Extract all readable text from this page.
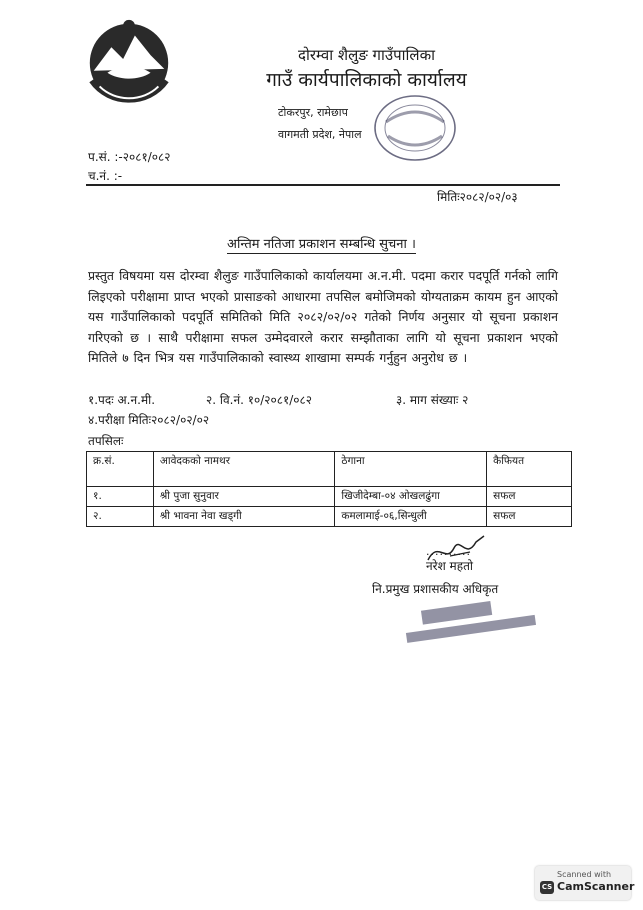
दोरम्वा शैलुङ गाउँपालिका
गाउँ कार्यपालिकाको कार्यालय
टोकरपुर, रामेछाप
वागमती प्रदेश, नेपाल
प.सं. :-२०८१/०८२
च.नं. :-
मितिः२०८२/०२/०३
अन्तिम नतिजा प्रकाशन सम्बन्धि सुचना ।
प्रस्तुत विषयमा यस दोरम्वा शैलुङ गाउँपालिकाको कार्यालयमा अ.न.मी. पदमा करार पदपूर्ति गर्नको लागि लिइएको परीक्षामा प्राप्त भएको प्रासाङको आधारमा तपसिल बमोजिमको योग्यताक्रम कायम हुन आएको यस गाउँपालिकाको पदपूर्ति समितिको मिति २०८२/०२/०२ गतेको निर्णय अनुसार यो सूचना प्रकाशन गरिएको छ । साथै परीक्षामा सफल उम्मेदवारले करार सम्झौताका लागि यो सूचना प्रकाशन भएको मितिले ७ दिन भित्र यस गाउँपालिकाको स्वास्थ्य शाखामा सम्पर्क गर्नुहुन अनुरोध छ ।
१.पदः अ.न.मी.	२. वि.नं. १०/२०८१/०८२	३. माग संख्याः २
४.परीक्षा मितिः२०८२/०२/०२
तपसिलः
क्र.सं.	आवेदकको नामथर	ठेगाना	कैफियत
१.	श्री पुजा सुनुवार	खिजीदेम्बा-०४ ओखलढुंगा	सफल
२.	श्री भावना नेवा खड्गी	कमलामाई-०६,सिन्धुली	सफल
..........
नरेश महतो
नि.प्रमुख प्रशासकीय अधिकृत
Scanned with
CS CamScanner
